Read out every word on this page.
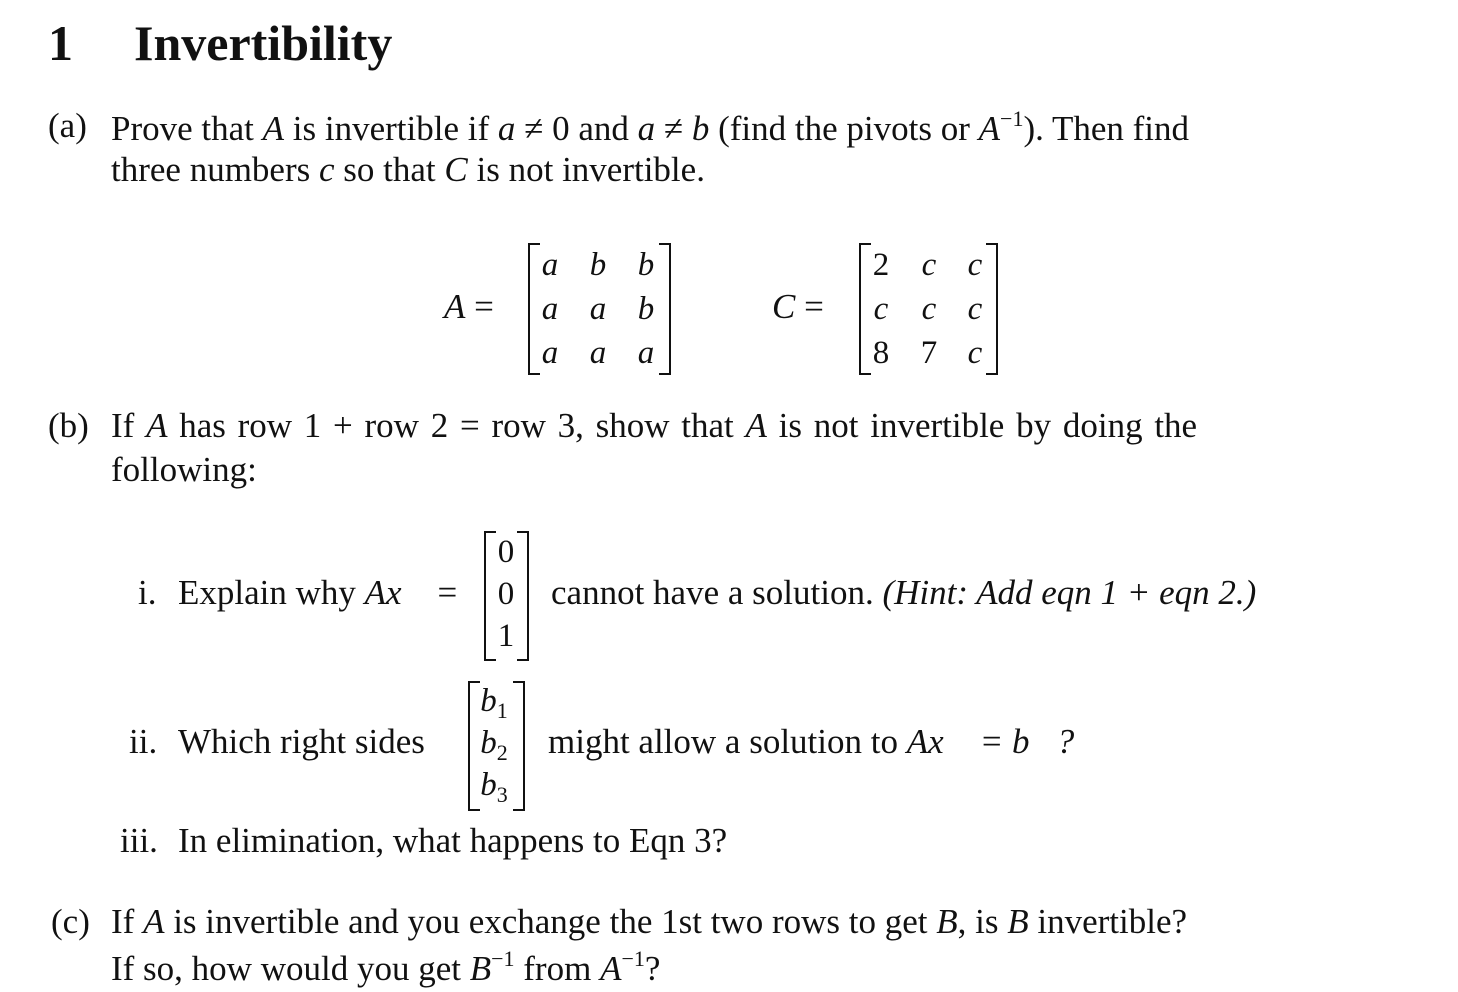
1 Invertibility
(a) Prove that A is invertible if a ≠ 0 and a ≠ b (find the pivots or $A^{-1}$). Then find
three numbers c so that C is not invertible.
A =
a b b
a a b
a a a
C =
2 c c
c	c c
8 7 c
(b) If A has row 1 + row 2 = row 3, show that A is not invertible by doing the
following:
i. Explain why Ax⃗ =
0
0
1
cannot have a solution. (Hint: Add eqn 1 + eqn 2.)
ii. Which right sides
$b_1$
$b_2$
$b_3$
might allow a solution to Ax⃗ = b⃗?
iii. In elimination, what happens to Eqn 3?
(c) If A is invertible and you exchange the 1st two rows to get B, is B invertible?
If so, how would you get $B^{-1}$ from $A^{-1}$?
